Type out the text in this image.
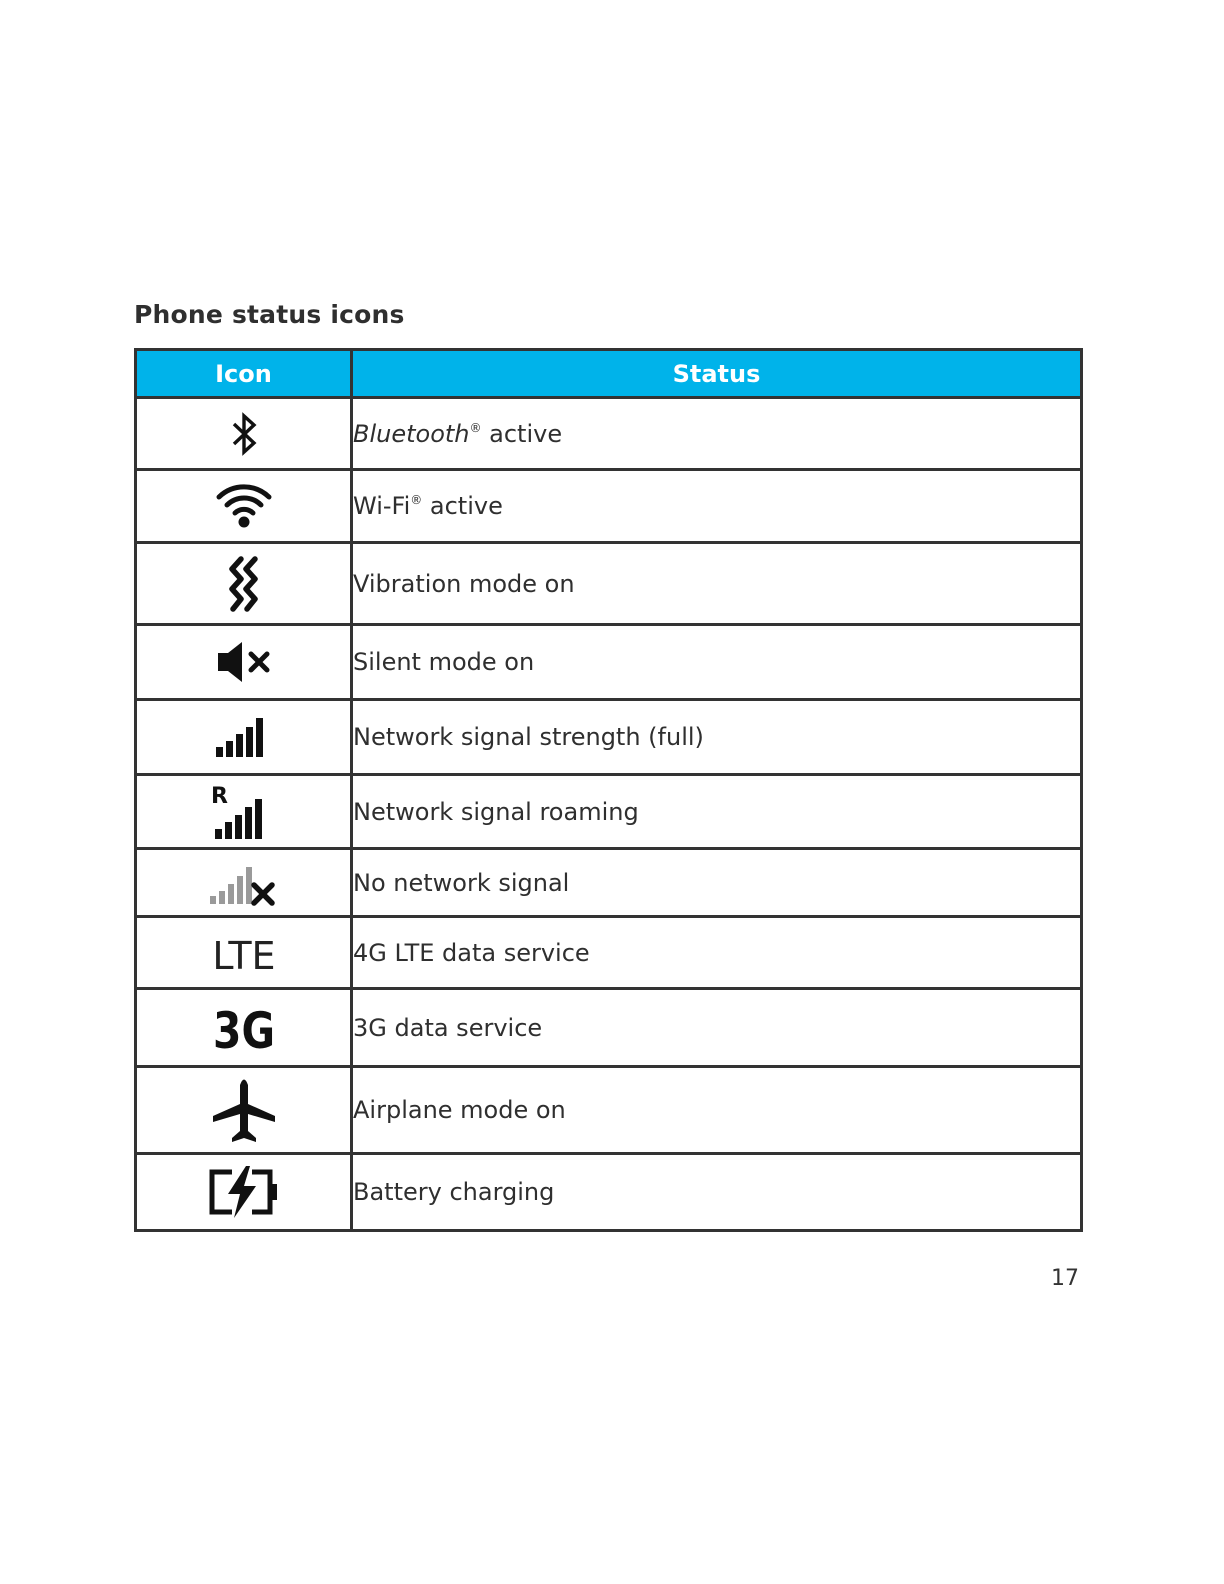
Phone status icons
Icon	Status
	Bluetooth® active
	Wi-Fi® active
	Vibration mode on
	Silent mode on
	Network signal strength (full)

R	Network signal roaming
	No network signal

LTE	4G LTE data service

3G	3G data service
	Airplane mode on
	Battery charging
17
